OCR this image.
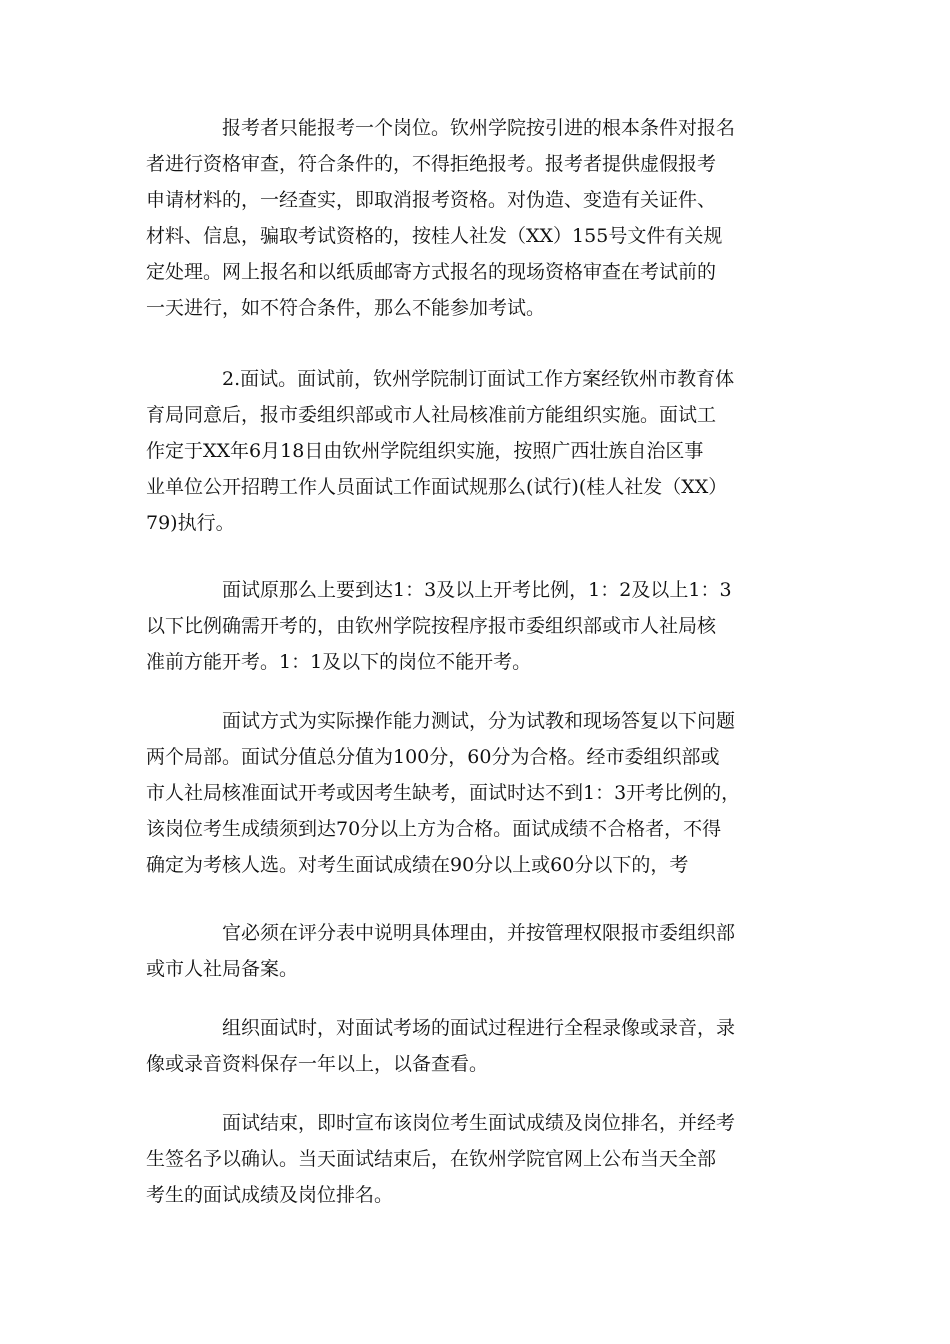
报考者只能报考一个岗位。钦州学院按引进的根本条件对报名
者进行资格审查，符合条件的，不得拒绝报考。报考者提供虚假报考
申请材料的，一经查实，即取消报考资格。对伪造、变造有关证件、
材料、信息，骗取考试资格的，按桂人社发（XX）155号文件有关规
定处理。网上报名和以纸质邮寄方式报名的现场资格审查在考试前的
一天进行，如不符合条件，那么不能参加考试。
2.面试。面试前，钦州学院制订面试工作方案经钦州市教育体
育局同意后，报市委组织部或市人社局核准前方能组织实施。面试工
作定于XX年6月18日由钦州学院组织实施，按照广西壮族自治区事
业单位公开招聘工作人员面试工作面试规那么(试行)(桂人社发（XX）
79)执行。
面试原那么上要到达1：3及以上开考比例，1：2及以上1：3
以下比例确需开考的，由钦州学院按程序报市委组织部或市人社局核
准前方能开考。1：1及以下的岗位不能开考。
面试方式为实际操作能力测试，分为试教和现场答复以下问题
两个局部。面试分值总分值为100分，60分为合格。经市委组织部或
市人社局核准面试开考或因考生缺考，面试时达不到1：3开考比例的，
该岗位考生成绩须到达70分以上方为合格。面试成绩不合格者，不得
确定为考核人选。对考生面试成绩在90分以上或60分以下的，考
官必须在评分表中说明具体理由，并按管理权限报市委组织部
或市人社局备案。
组织面试时，对面试考场的面试过程进行全程录像或录音，录
像或录音资料保存一年以上，以备查看。
面试结束，即时宣布该岗位考生面试成绩及岗位排名，并经考
生签名予以确认。当天面试结束后，在钦州学院官网上公布当天全部
考生的面试成绩及岗位排名。
